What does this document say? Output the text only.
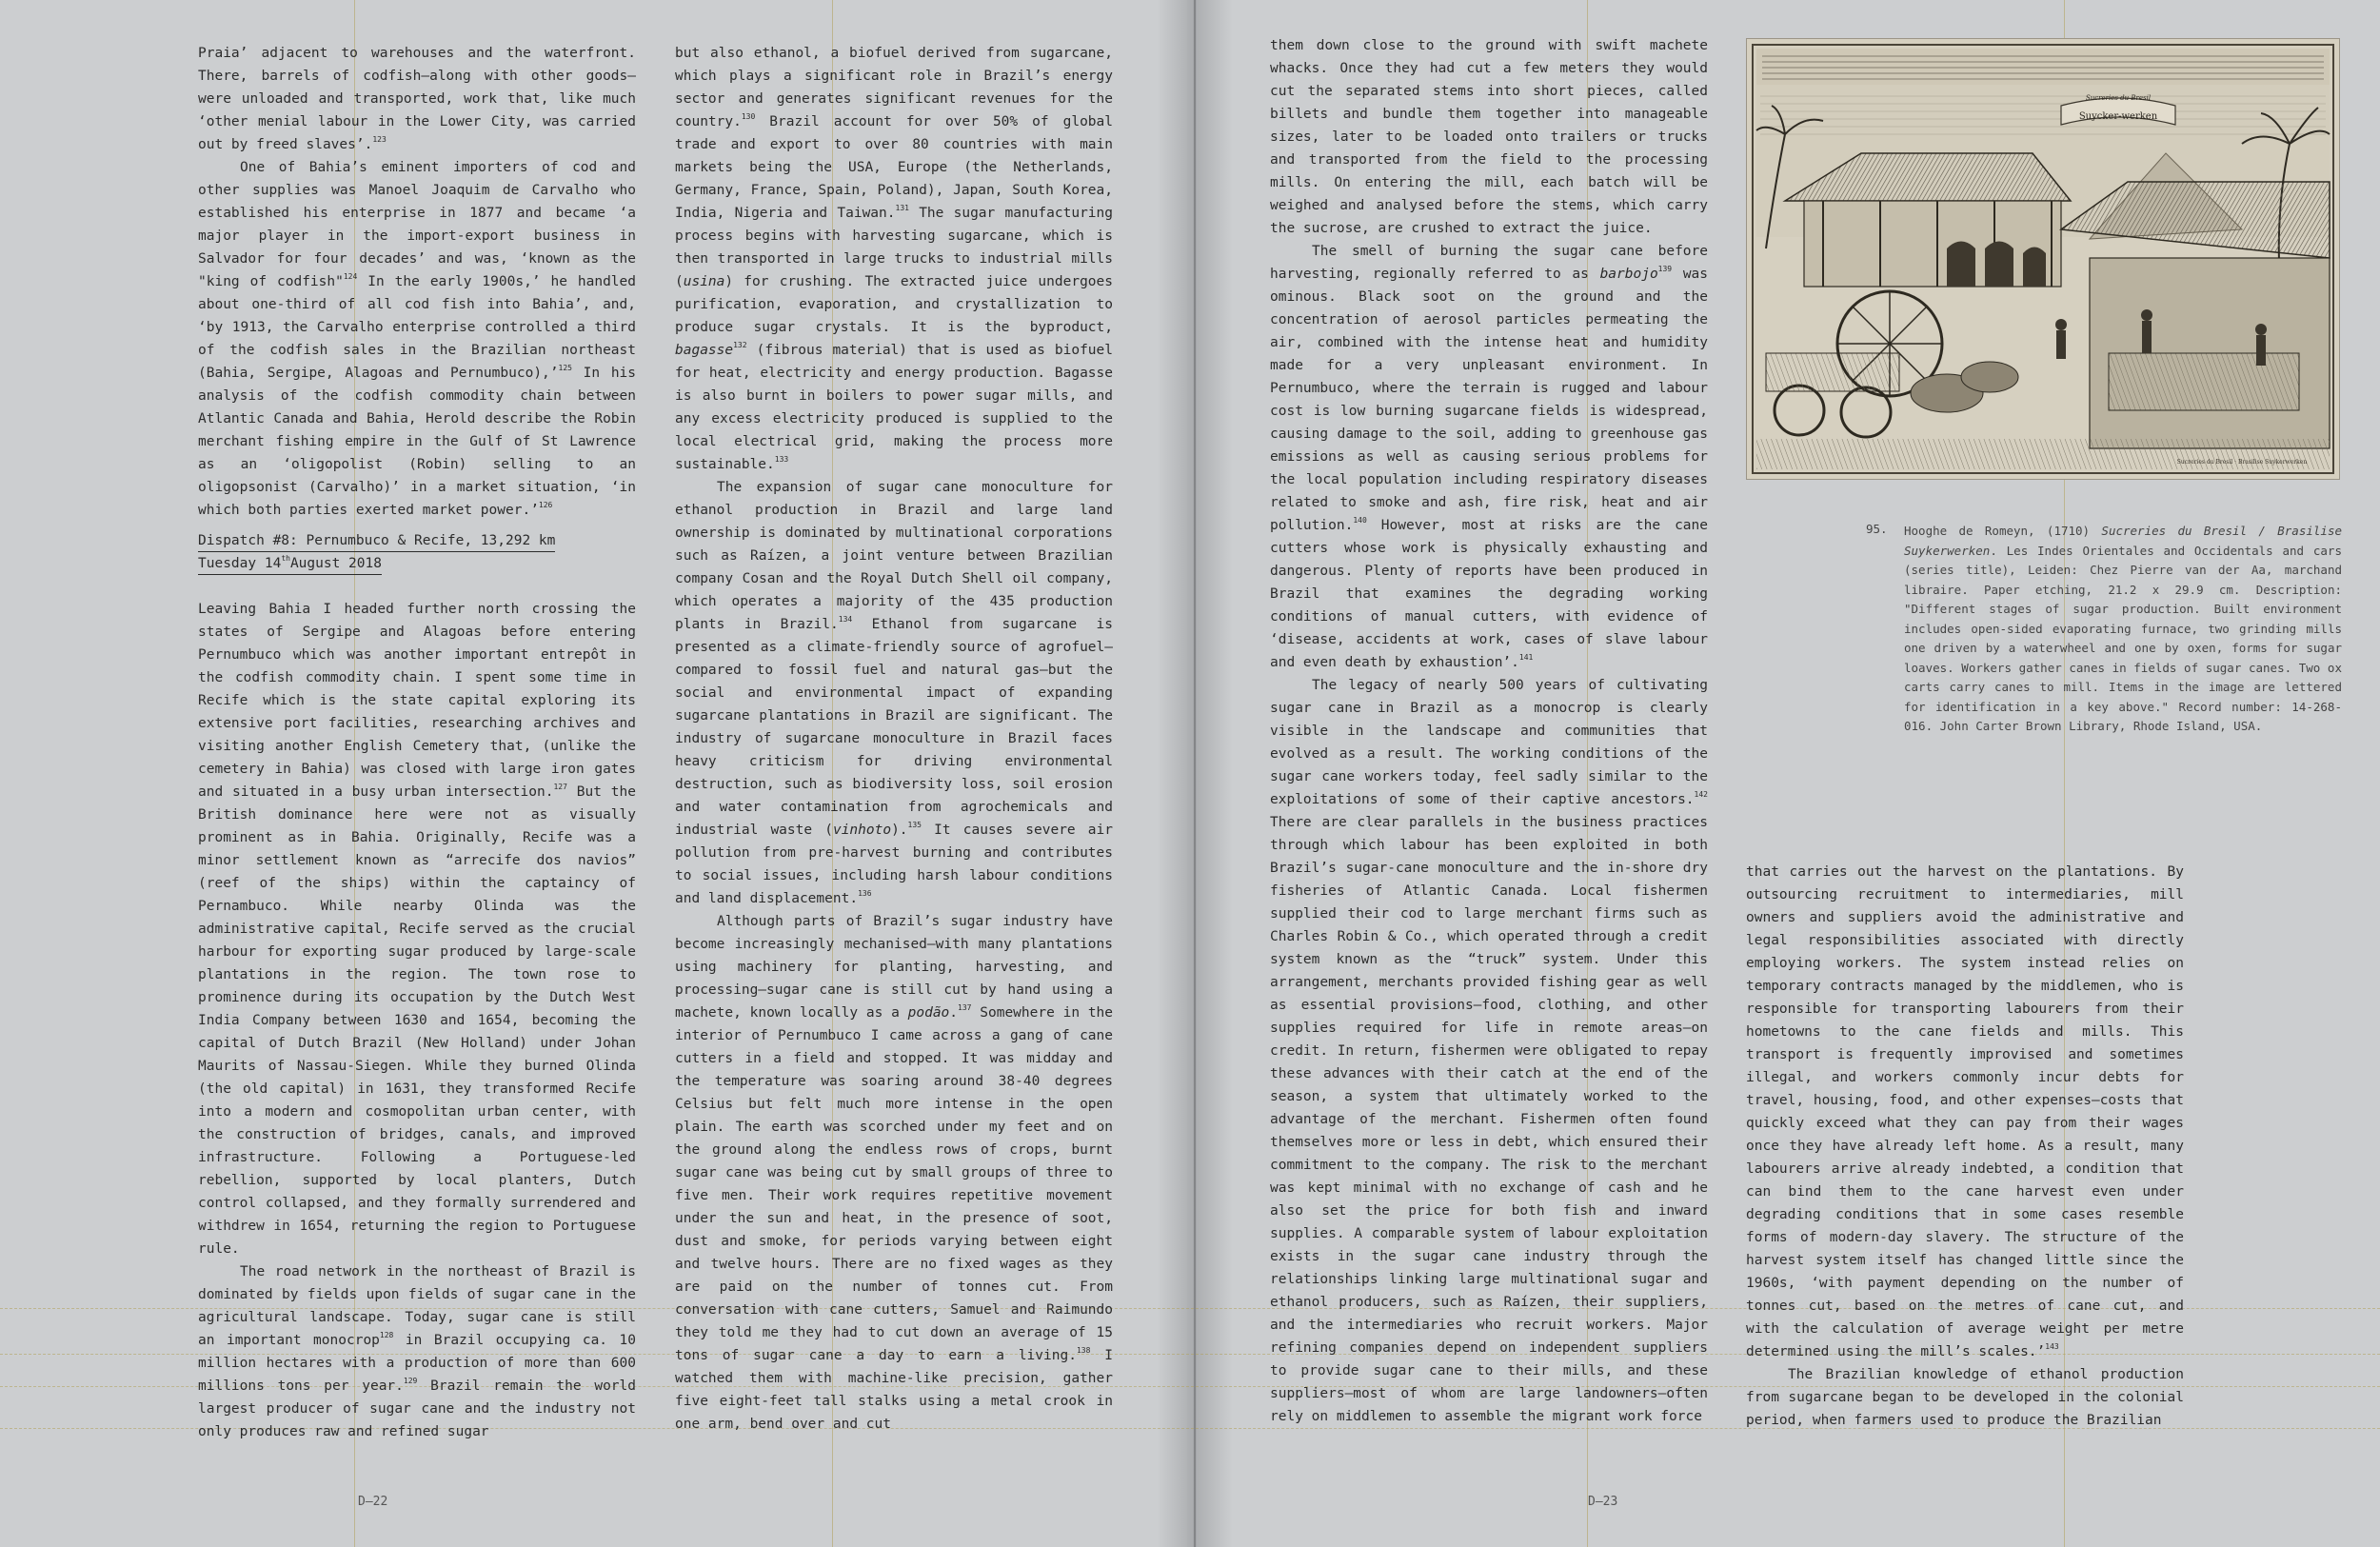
Praia’ adjacent to warehouses and the waterfront. There, barrels of codfish—along with other goods—were unloaded and transported, work that, like much ‘other menial labour in the Lower City, was carried out by freed slaves’.$^{123}$

One of Bahia’s eminent importers of cod and other supplies was Manoel Joaquim de Carvalho who established his enterprise in 1877 and became ‘a major player in the import-export business in Salvador for four decades’ and was, ‘known as the "king of codfish"$^{124}$ In the early 1900s,’ he handled about one-third of all cod fish into Bahia’, and, ‘by 1913, the Carvalho enterprise controlled a third of the codfish sales in the Brazilian northeast (Bahia, Sergipe, Alagoas and Pernumbuco),’$^{125}$ In his analysis of the codfish commodity chain between Atlantic Canada and Bahia, Herold describe the Robin merchant fishing empire in the Gulf of St Lawrence as an ‘oligopolist (Robin) selling to an oligopsonist (Carvalho)’ in a market situation, ‘in which both parties exerted market power.’$^{126}$

Dispatch #8: Pernumbuco & Recife, 13,292 km
Tuesday 14thAugust 2018

Leaving Bahia I headed further north crossing the states of Sergipe and Alagoas before entering Pernumbuco which was another important entrepôt in the codfish commodity chain. I spent some time in Recife which is the state capital exploring its extensive port facilities, researching archives and visiting another English Cemetery that, (unlike the cemetery in Bahia) was closed with large iron gates and situated in a busy urban intersection.$^{127}$ But the British dominance here were not as visually prominent as in Bahia. Originally, Recife was a minor settlement known as “arrecife dos navios” (reef of the ships) within the captaincy of Pernambuco. While nearby Olinda was the administrative capital, Recife served as the crucial harbour for exporting sugar produced by large-scale plantations in the region. The town rose to prominence during its occupation by the Dutch West India Company between 1630 and 1654, becoming the capital of Dutch Brazil (New Holland) under Johan Maurits of Nassau-Siegen. While they burned Olinda (the old capital) in 1631, they transformed Recife into a modern and cosmopolitan urban center, with the construction of bridges, canals, and improved infrastructure. Following a Portuguese-led rebellion, supported by local planters, Dutch control collapsed, and they formally surrendered and withdrew in 1654, returning the region to Portuguese rule.

The road network in the northeast of Brazil is dominated by fields upon fields of sugar cane in the agricultural landscape. Today, sugar cane is still an important monocrop$^{128}$ in Brazil occupying ca. 10 million hectares with a production of more than 600 millions tons per year.$^{129}$ Brazil remain the world largest producer of sugar cane and the industry not only produces raw and refined sugar

but also ethanol, a biofuel derived from sugarcane, which plays a significant role in Brazil’s energy sector and generates significant revenues for the country.$^{130}$ Brazil account for over 50% of global trade and export to over 80 countries with main markets being the USA, Europe (the Netherlands, Germany, France, Spain, Poland), Japan, South Korea, India, Nigeria and Taiwan.$^{131}$ The sugar manufacturing process begins with harvesting sugarcane, which is then transported in large trucks to industrial mills (usina) for crushing. The extracted juice undergoes purification, evaporation, and crystallization to produce sugar crystals. It is the byproduct, bagasse$^{132}$ (fibrous material) that is used as biofuel for heat, electricity and energy production. Bagasse is also burnt in boilers to power sugar mills, and any excess electricity produced is supplied to the local electrical grid, making the process more sustainable.$^{133}$

The expansion of sugar cane monoculture for ethanol production in Brazil and large land ownership is dominated by multinational corporations such as Raízen, a joint venture between Brazilian company Cosan and the Royal Dutch Shell oil company, which operates a majority of the 435 production plants in Brazil.$^{134}$ Ethanol from sugarcane is presented as a climate-friendly source of agrofuel—compared to fossil fuel and natural gas—but the social and environmental impact of expanding sugarcane plantations in Brazil are significant. The industry of sugarcane monoculture in Brazil faces heavy criticism for driving environmental destruction, such as biodiversity loss, soil erosion and water contamination from agrochemicals and industrial waste (vinhoto).$^{135}$ It causes severe air pollution from pre-harvest burning and contributes to social issues, including harsh labour conditions and land displacement.$^{136}$

Although parts of Brazil’s sugar industry have become increasingly mechanised—with many plantations using machinery for planting, harvesting, and processing—sugar cane is still cut by hand using a machete, known locally as a podão.$^{137}$ Somewhere in the interior of Pernumbuco I came across a gang of cane cutters in a field and stopped. It was midday and the temperature was soaring around 38-40 degrees Celsius but felt much more intense in the open plain. The earth was scorched under my feet and on the ground along the endless rows of crops, burnt sugar cane was being cut by small groups of three to five men. Their work requires repetitive movement under the sun and heat, in the presence of soot, dust and smoke, for periods varying between eight and twelve hours. There are no fixed wages as they are paid on the number of tonnes cut. From conversation with cane cutters, Samuel and Raimundo they told me they had to cut down an average of 15 tons of sugar cane a day to earn a living.$^{138}$ I watched them with machine-like precision, gather five eight-feet tall stalks using a metal crook in one arm, bend over and cut

D—22

them down close to the ground with swift machete whacks. Once they had cut a few meters they would cut the separated stems into short pieces, called billets and bundle them together into manageable sizes, later to be loaded onto trailers or trucks and transported from the field to the processing mills. On entering the mill, each batch will be weighed and analysed before the stems, which carry the sucrose, are crushed to extract the juice.

The smell of burning the sugar cane before harvesting, regionally referred to as barbojo$^{139}$ was ominous. Black soot on the ground and the concentration of aerosol particles permeating the air, combined with the intense heat and humidity made for a very unpleasant environment. In Pernumbuco, where the terrain is rugged and labour cost is low burning sugarcane fields is widespread, causing damage to the soil, adding to greenhouse gas emissions as well as causing serious problems for the local population including respiratory diseases related to smoke and ash, fire risk, heat and air pollution.$^{140}$ However, most at risks are the cane cutters whose work is physically exhausting and dangerous. Plenty of reports have been produced in Brazil that examines the degrading working conditions of manual cutters, with evidence of ‘disease, accidents at work, cases of slave labour and even death by exhaustion’.$^{141}$

The legacy of nearly 500 years of cultivating sugar cane in Brazil as a monocrop is clearly visible in the landscape and communities that evolved as a result. The working conditions of the sugar cane workers today, feel sadly similar to the exploitations of some of their captive ancestors.$^{142}$ There are clear parallels in the business practices through which labour has been exploited in both Brazil’s sugar-cane monoculture and the in-shore dry fisheries of Atlantic Canada. Local fishermen supplied their cod to large merchant firms such as Charles Robin & Co., which operated through a credit system known as the “truck” system. Under this arrangement, merchants provided fishing gear as well as essential provisions—food, clothing, and other supplies required for life in remote areas—on credit. In return, fishermen were obligated to repay these advances with their catch at the end of the season, a system that ultimately worked to the advantage of the merchant. Fishermen often found themselves more or less in debt, which ensured their commitment to the company. The risk to the merchant was kept minimal with no exchange of cash and he also set the price for both fish and inward supplies. A comparable system of labour exploitation exists in the sugar cane industry through the relationships linking large multinational sugar and ethanol producers, such as Raízen, their suppliers, and the intermediaries who recruit workers. Major refining companies depend on independent suppliers to provide sugar cane to their mills, and these suppliers—most of whom are large landowners—often rely on middlemen to assemble the migrant work force

that carries out the harvest on the plantations. By outsourcing recruitment to intermediaries, mill owners and suppliers avoid the administrative and legal responsibilities associated with directly employing workers. The system instead relies on temporary contracts managed by the middlemen, who is responsible for transporting labourers from their hometowns to the cane fields and mills. This transport is frequently improvised and sometimes illegal, and workers commonly incur debts for travel, housing, food, and other expenses—costs that quickly exceed what they can pay from their wages once they have already left home. As a result, many labourers arrive already indebted, a condition that can bind them to the cane harvest even under degrading conditions that in some cases resemble forms of modern-day slavery. The structure of the harvest system itself has changed little since the 1960s, ‘with payment depending on the number of tonnes cut, based on the metres of cane cut, and with the calculation of average weight per metre determined using the mill’s scales.’$^{143}$

The Brazilian knowledge of ethanol production from sugarcane began to be developed in the colonial period, when farmers used to produce the Brazilian

Suycker-werken
Sucreries du Bresil
Sucreries du Bresil · Brasilise Suykerwerken
95. Hooghe de Romeyn, (1710) Sucreries du Bresil / Brasilise Suykerwerken. Les Indes Orientales and Occidentals and cars (series title), Leiden: Chez Pierre van der Aa, marchand libraire. Paper etching, 21.2 x 29.9 cm. Description: "Different stages of sugar production. Built environment includes open-sided evaporating furnace, two grinding mills one driven by a waterwheel and one by oxen, forms for sugar loaves. Workers gather canes in fields of sugar canes. Two ox carts carry canes to mill. Items in the image are lettered for identification in a key above." Record number: 14-268-016. John Carter Brown Library, Rhode Island, USA.
D—23
